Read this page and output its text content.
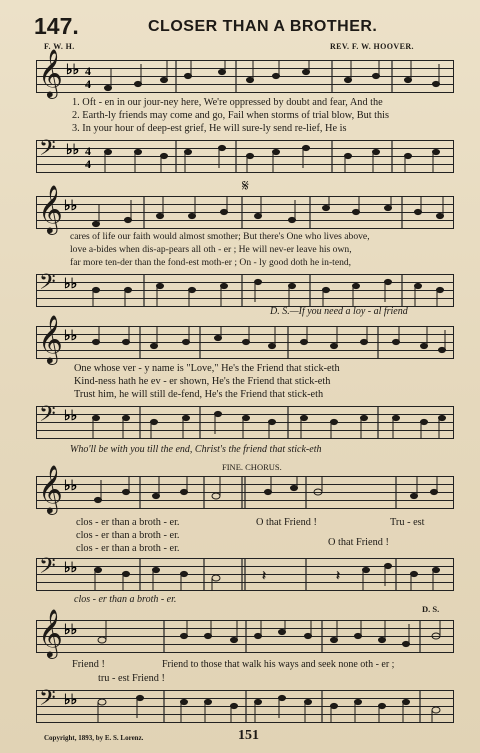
147.	CLOSER THAN A BROTHER.
F. W. H.	REV. F. W. HOOVER.
𝄞 ♭♭ 4
4
1. Oft - en in our jour-ney here, We're oppressed by doubt and fear, And the
2. Earth-ly friends may come and go, Fail when storms of trial blow, But this
3. In your hour of deep-est grief, He will sure-ly send re-lief, He is
𝄢 ♭♭ 4
4
𝄋
𝄞 ♭♭
cares of life our faith would almost smother; But there's One who lives above,
love a-bides when dis-ap-pears all oth - er ; He will nev-er leave his own,
far more ten-der than the fond-est moth-er ; On - ly good doth he in-tend,
𝄢 ♭♭
D. S.—If you need a loy - al friend
𝄞 ♭♭
One whose ver - y name is "Love," He's the Friend that stick-eth
Kind-ness hath he ev - er shown, He's the Friend that stick-eth
Trust him, he will still de-fend, He's the Friend that stick-eth
𝄢 ♭♭
Who'll be with you till the end, Christ's the friend that stick-eth
FINE. CHORUS.
𝄞 ♭♭
clos - er than a broth - er.
clos - er than a broth - er.
clos - er than a broth - er.
O that Friend !	Tru - est
O that Friend !
𝄢 ♭♭	𝄽	𝄽
clos - er than a broth - er.
D. S.
𝄞 ♭♭
Friend !	Friend to those that walk his ways and seek none oth - er ;
tru - est Friend !
𝄢 ♭♭
Copyright, 1893, by E. S. Lorenz.	151
